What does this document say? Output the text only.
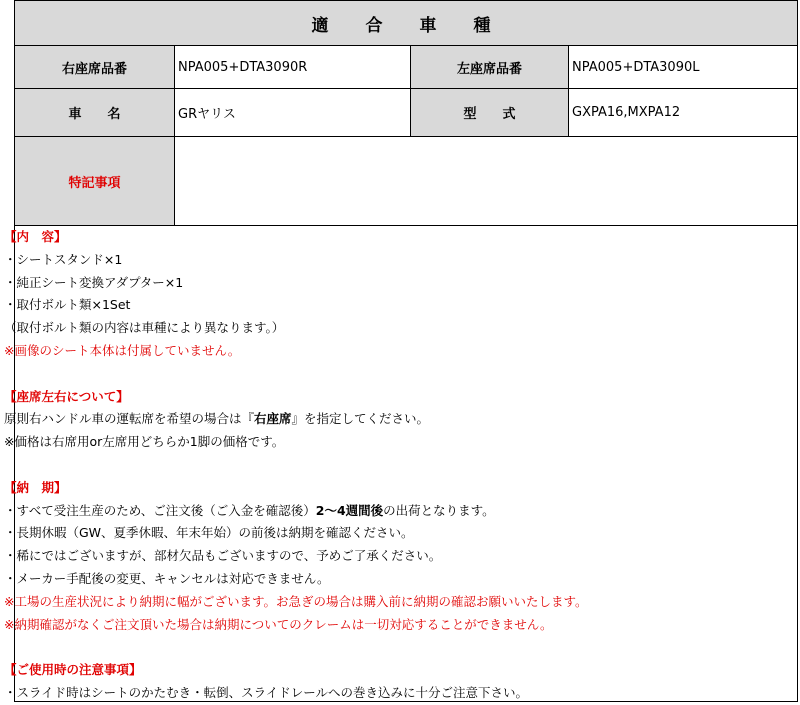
適　合　車　種
右座席品番	NPA005+DTA3090R	左座席品番	NPA005+DTA3090L
車　　名	GRヤリス	型　　式	GXPA16,MXPA12
特記事項
【内　容】
・シートスタンド×1
・純正シート変換アダプター×1
・取付ボルト類×1Set
（取付ボルト類の内容は車種により異なります。）
※画像のシート本体は付属していません。
【座席左右について】
原則右ハンドル車の運転席を希望の場合は『右座席』を指定してください。
※価格は右席用or左席用どちらか1脚の価格です。
【納　期】
・すべて受注生産のため、ご注文後（ご入金を確認後）2〜4週間後の出荷となります。
・長期休暇（GW、夏季休暇、年末年始）の前後は納期を確認ください。
・稀にではございますが、部材欠品もございますので、予めご了承ください。
・メーカー手配後の変更、キャンセルは対応できません。
※工場の生産状況により納期に幅がございます。お急ぎの場合は購入前に納期の確認お願いいたします。
※納期確認がなくご注文頂いた場合は納期についてのクレームは一切対応することができません。
【ご使用時の注意事項】
・スライド時はシートのかたむき・転倒、スライドレールへの巻き込みに十分ご注意下さい。
